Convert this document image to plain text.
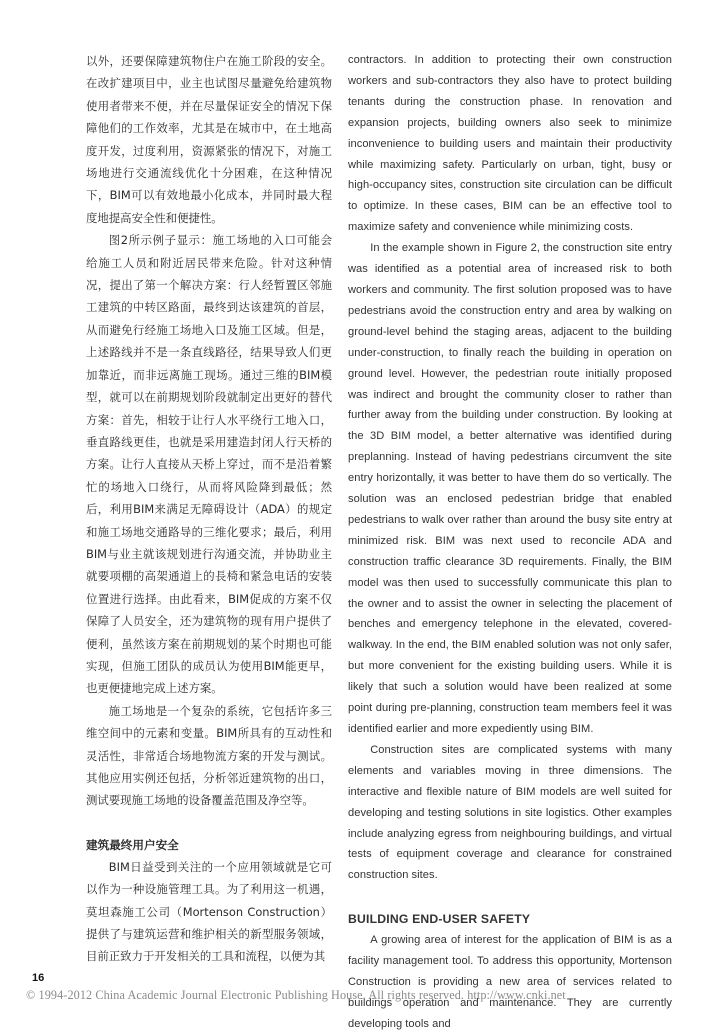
以外，还要保障建筑物住户在施工阶段的安全。在改扩建项目中，业主也试图尽量避免给建筑物使用者带来不便，并在尽量保证安全的情况下保障他们的工作效率，尤其是在城市中，在土地高度开发，过度利用，资源紧张的情况下，对施工场地进行交通流线优化十分困难，在这种情况下，BIM可以有效地最小化成本，并同时最大程度地提高安全性和便捷性。

图2所示例子显示：施工场地的入口可能会给施工人员和附近居民带来危险。针对这种情况，提出了第一个解决方案：行人经暂置区邻施工建筑的中转区路面，最终到达该建筑的首层，从而避免行经施工场地入口及施工区域。但是，上述路线并不是一条直线路径，结果导致人们更加靠近，而非远离施工现场。通过三维的BIM模型，就可以在前期规划阶段就制定出更好的替代方案：首先，相较于让行人水平绕行工地入口，垂直路线更佳，也就是采用建造封闭人行天桥的方案。让行人直接从天桥上穿过，而不是沿着繁忙的场地入口绕行，从而将风险降到最低；然后，利用BIM来满足无障碍设计（ADA）的规定和施工场地交通路导的三维化要求；最后，利用BIM与业主就该规划进行沟通交流，并协助业主就要项棚的高架通道上的長椅和紧急电话的安装位置进行选择。由此看来，BIM促成的方案不仅保障了人员安全，还为建筑物的现有用户提供了便利，虽然该方案在前期规划的某个时期也可能实现，但施工团队的成员认为使用BIM能更早，也更便捷地完成上述方案。

施工场地是一个复杂的系统，它包括许多三维空间中的元素和变量。BIM所具有的互动性和灵活性，非常适合场地物流方案的开发与测试。其他应用实例还包括，分析邻近建筑物的出口，测试要现施工场地的设备覆盖范围及净空等。

建筑最终用户安全

BIM日益受到关注的一个应用领域就是它可以作为一种设施管理工具。为了利用这一机遇，莫坦森施工公司（Mortenson Construction）提供了与建筑运营和维护相关的新型服务领域，目前正致力于开发相关的工具和流程，以便为其

contractors. In addition to protecting their own construction workers and sub-contractors they also have to protect building tenants during the construction phase. In renovation and expansion projects, building owners also seek to minimize inconvenience to building users and maintain their productivity while maximizing safety. Particularly on urban, tight, busy or high-occupancy sites, construction site circulation can be difficult to optimize. In these cases, BIM can be an effective tool to maximize safety and convenience while minimizing costs.

In the example shown in Figure 2, the construction site entry was identified as a potential area of increased risk to both workers and community. The first solution proposed was to have pedestrians avoid the construction entry and area by walking on ground-level behind the staging areas, adjacent to the building under-construction, to finally reach the building in operation on ground level. However, the pedestrian route initially proposed was indirect and brought the community closer to rather than further away from the building under construction. By looking at the 3D BIM model, a better alternative was identified during preplanning. Instead of having pedestrians circumvent the site entry horizontally, it was better to have them do so vertically. The solution was an enclosed pedestrian bridge that enabled pedestrians to walk over rather than around the busy site entry at minimized risk. BIM was next used to reconcile ADA and construction traffic clearance 3D requirements. Finally, the BIM model was then used to successfully communicate this plan to the owner and to assist the owner in selecting the placement of benches and emergency telephone in the elevated, covered-walkway. In the end, the BIM enabled solution was not only safer, but more convenient for the existing building users. While it is likely that such a solution would have been realized at some point during pre-planning, construction team members feel it was identified earlier and more expediently using BIM.

Construction sites are complicated systems with many elements and variables moving in three dimensions. The interactive and flexible nature of BIM models are well suited for developing and testing solutions in site logistics. Other examples include analyzing egress from neighbouring buildings, and virtual tests of equipment coverage and clearance for constrained construction sites.

BUILDING END-USER SAFETY

A growing area of interest for the application of BIM is as a facility management tool. To address this opportunity, Mortenson Construction is providing a new area of services related to buildings operation and maintenance. They are currently developing tools and

16
© 1994-2012 China Academic Journal Electronic Publishing House. All rights reserved. http://www.cnki.net
